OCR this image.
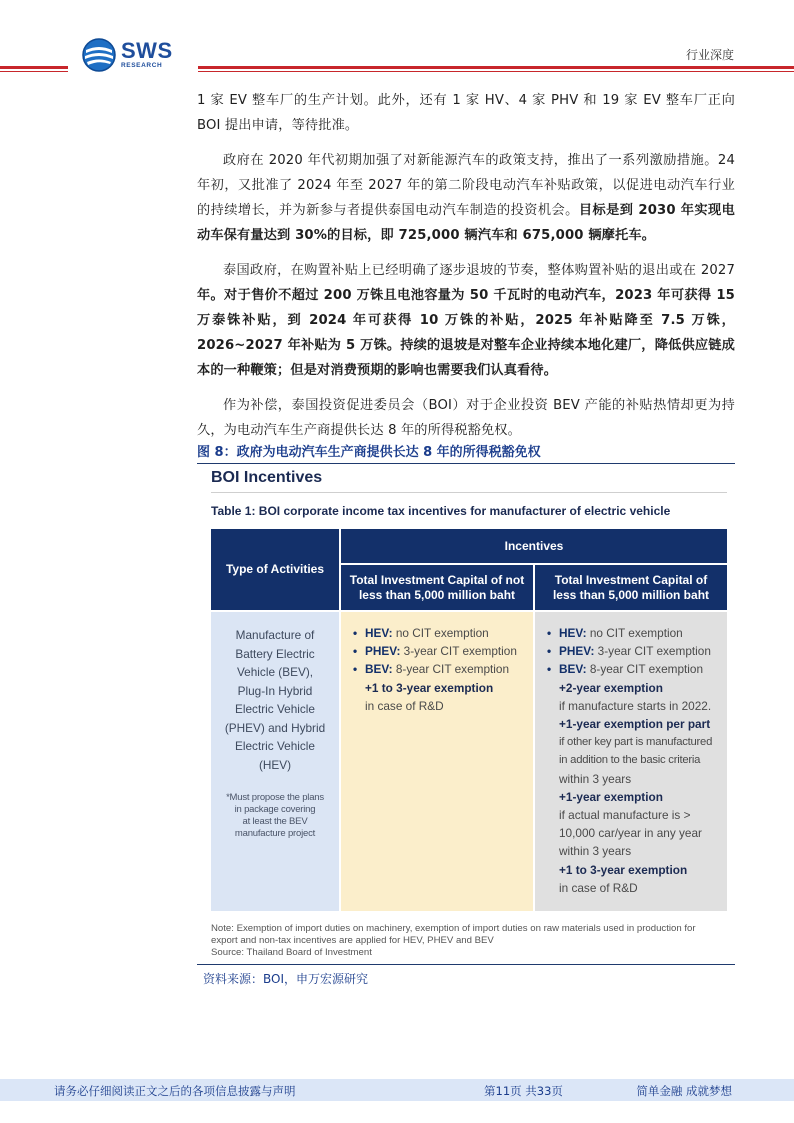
SWS
RESEARCH
行业深度

1 家 EV 整车厂的生产计划。此外，还有 1 家 HV、4 家 PHV 和 19 家 EV 整车厂正向 BOI 提出申请，等待批准。

政府在 2020 年代初期加强了对新能源汽车的政策支持，推出了一系列激励措施。24 年初，又批准了 2024 年至 2027 年的第二阶段电动汽车补贴政策，以促进电动汽车行业的持续增长，并为新参与者提供泰国电动汽车制造的投资机会。目标是到 2030 年实现电动车保有量达到 30%的目标，即 725,000 辆汽车和 675,000 辆摩托车。

泰国政府，在购置补贴上已经明确了逐步退坡的节奏，整体购置补贴的退出或在 2027年。对于售价不超过 200 万铢且电池容量为 50 千瓦时的电动汽车，2023 年可获得 15 万泰铢补贴，到 2024 年可获得 10 万铢的补贴，2025 年补贴降至 7.5 万铢，2026~2027 年补贴为 5 万铢。持续的退坡是对整车企业持续本地化建厂，降低供应链成本的一种鞭策；但是对消费预期的影响也需要我们认真看待。

作为补偿，泰国投资促进委员会（BOI）对于企业投资 BEV 产能的补贴热情却更为持久，为电动汽车生产商提供长达 8 年的所得税豁免权。

图 8：政府为电动汽车生产商提供长达 8 年的所得税豁免权
BOI Incentives
Table 1: BOI corporate income tax incentives for manufacturer of electric vehicle
Type of Activities
Incentives
Total Investment Capital of not less than 5,000 million baht
Total Investment Capital of less than 5,000 million baht
Manufacture of
Battery Electric
Vehicle (BEV),
Plug-In Hybrid
Electric Vehicle
(PHEV) and Hybrid
Electric Vehicle
(HEV)
*Must propose the plans
in package covering
at least the BEV
manufacture project
• HEV: no CIT exemption
• PHEV: 3-year CIT exemption
• BEV: 8-year CIT exemption
+1 to 3-year exemption
in case of R&D
• HEV: no CIT exemption
• PHEV: 3-year CIT exemption
• BEV: 8-year CIT exemption
+2-year exemption
if manufacture starts in 2022.
+1-year exemption per part
if other key part is manufactured
in addition to the basic criteria
within 3 years
+1-year exemption
if actual manufacture is >
10,000 car/year in any year
within 3 years
+1 to 3-year exemption
in case of R&D
Note: Exemption of import duties on machinery, exemption of import duties on raw materials used in production for
export and non-tax incentives are applied for HEV, PHEV and BEV
Source: Thailand Board of Investment
资料来源：BOI，申万宏源研究
请务必仔细阅读正文之后的各项信息披露与声明	第11页 共33页	简单金融 成就梦想
